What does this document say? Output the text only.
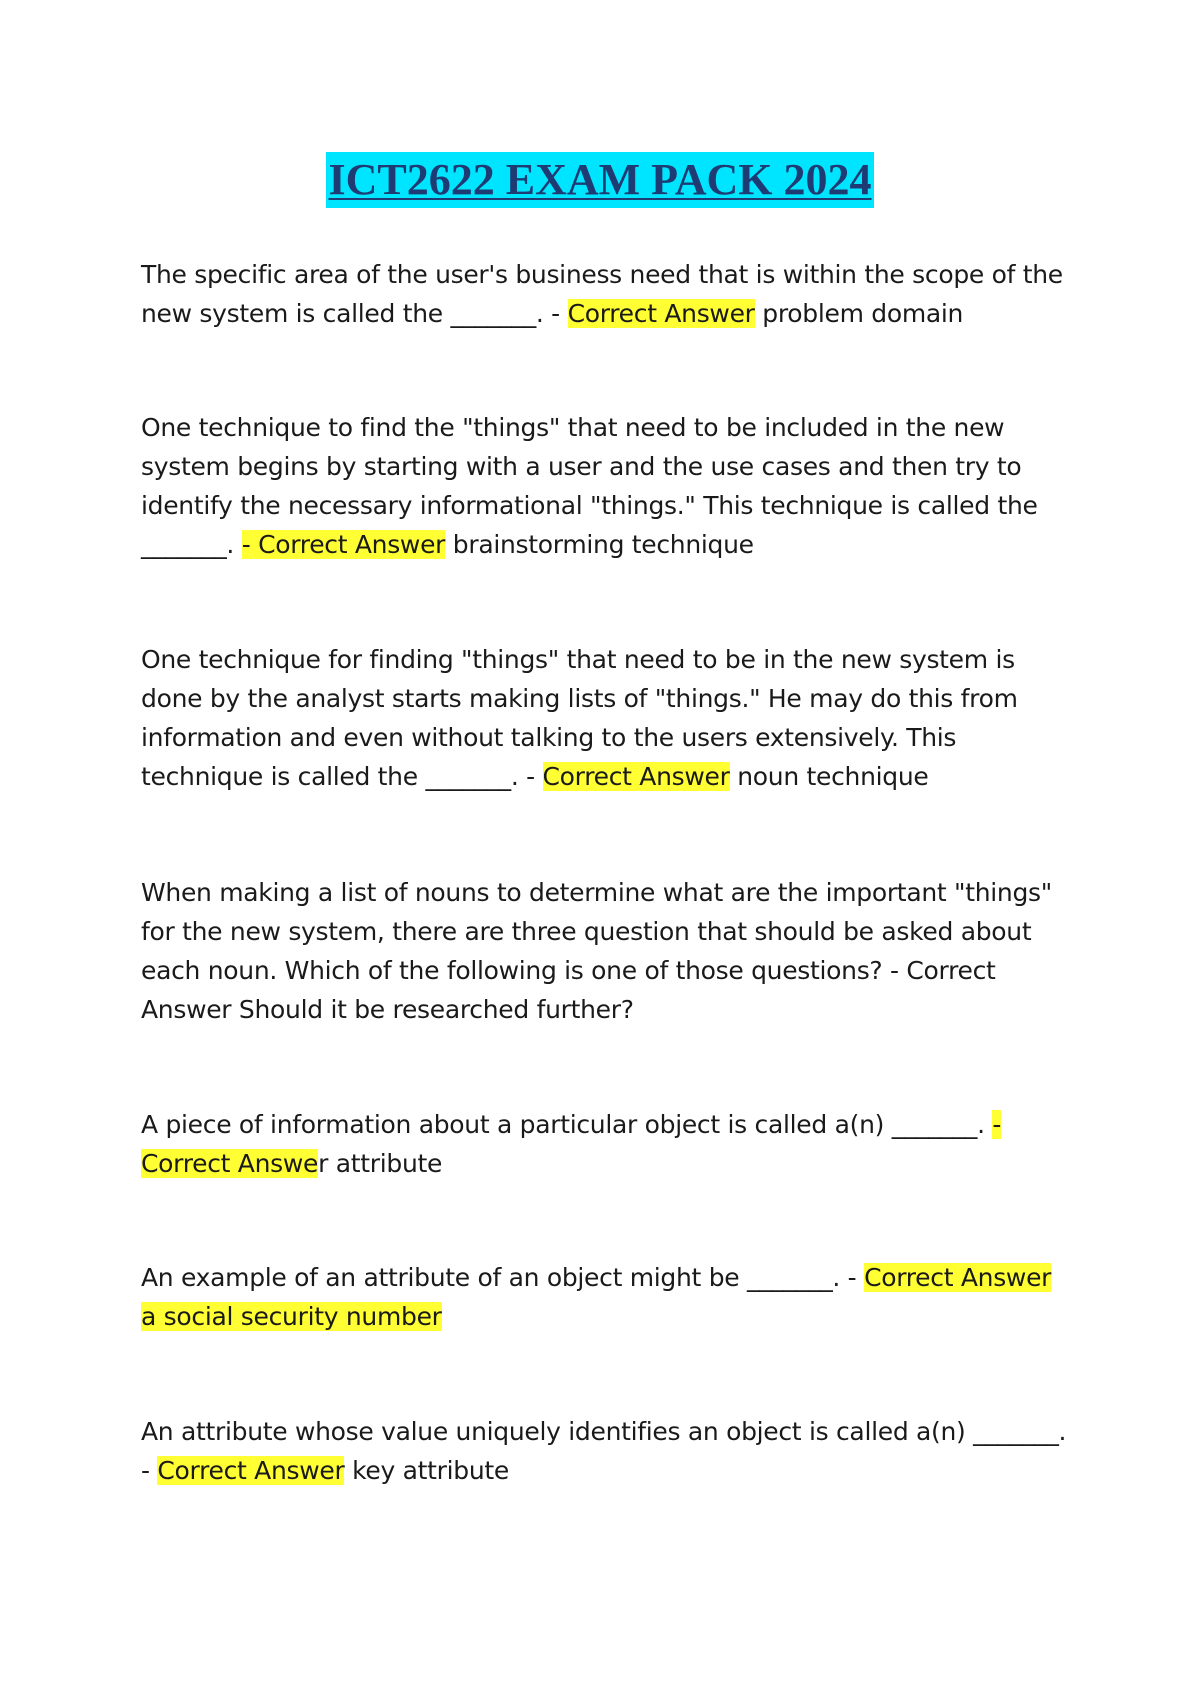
ICT2622 EXAM PACK 2024

The specific area of the user's business need that is within the scope of the new system is called the _______. - Correct Answer problem domain

One technique to find the "things" that need to be included in the new system begins by starting with a user and the use cases and then try to identify the necessary informational "things." This technique is called the _______. - Correct Answer brainstorming technique

One technique for finding "things" that need to be in the new system is done by the analyst starts making lists of "things." He may do this from information and even without talking to the users extensively. This technique is called the _______. - Correct Answer noun technique

When making a list of nouns to determine what are the important "things" for the new system, there are three question that should be asked about each noun. Which of the following is one of those questions? - Correct Answer Should it be researched further?

A piece of information about a particular object is called a(n) _______. - Correct Answer attribute

An example of an attribute of an object might be _______. - Correct Answer a social security number

An attribute whose value uniquely identifies an object is called a(n) _______. - Correct Answer key attribute
